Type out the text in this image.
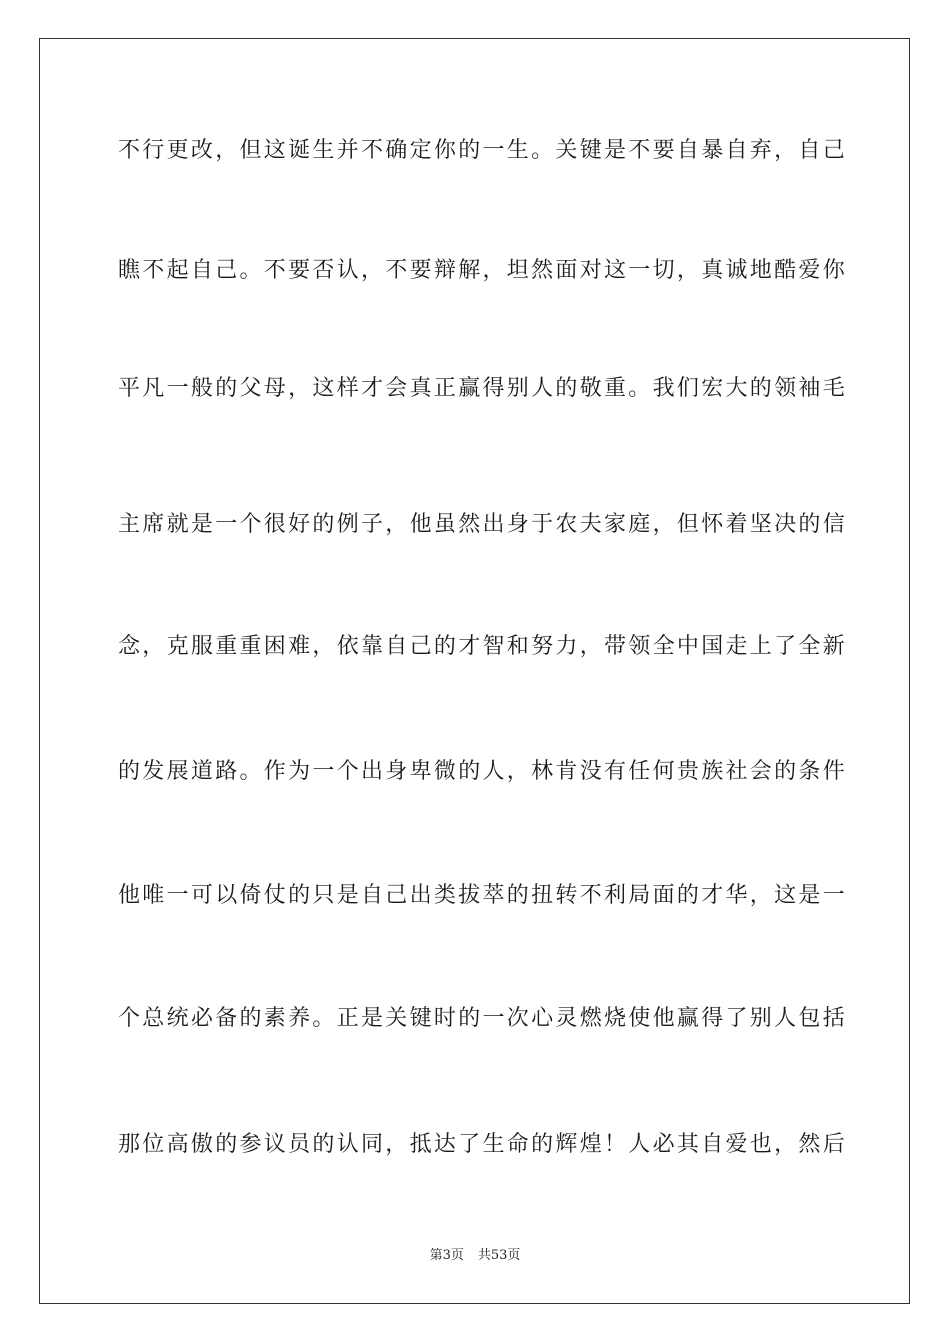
不行更改，但这诞生并不确定你的一生。关键是不要自暴自弃，自己
瞧不起自己。不要否认，不要辩解，坦然面对这一切，真诚地酷爱你
平凡一般的父母，这样才会真正赢得别人的敬重。我们宏大的领袖毛
主席就是一个很好的例子，他虽然出身于农夫家庭，但怀着坚决的信
念，克服重重困难，依靠自己的才智和努力，带领全中国走上了全新
的发展道路。作为一个出身卑微的人，林肯没有任何贵族社会的条件
他唯一可以倚仗的只是自己出类拔萃的扭转不利局面的才华，这是一
个总统必备的素养。正是关键时的一次心灵燃烧使他赢得了别人包括
那位高傲的参议员的认同，抵达了生命的辉煌！人必其自爱也，然后
第3页 共53页
